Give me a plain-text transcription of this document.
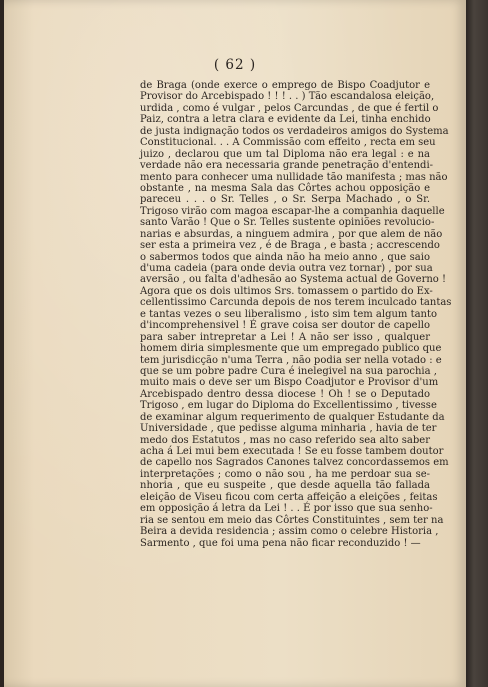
( 62 )
de Braga (onde exerce o emprego de Bispo Coadjutor e
Provisor do Arcebispado ! ! ! . . ) Tão escandalosa eleição,
urdida , como é vulgar , pelos Carcundas , de que é fertil o
Paiz, contra a letra clara e evidente da Lei, tinha enchido
de justa indignação todos os verdadeiros amigos do Systema
Constitucional. . . A Commissão com effeito , recta em seu
juizo , declarou que um tal Diploma não era legal : e na
verdade não era necessaria grande penetração d'entendi-
mento para conhecer uma nullidade tão manifesta ; mas não
obstante , na mesma Sala das Côrtes achou opposição e
pareceu . . . o Sr. Telles , o Sr. Serpa Machado , o Sr.
Trigoso virão com magoa escapar-lhe a companhia daquelle
santo Varão ! Que o Sr. Telles sustente opiniões revolucio-
narias e absurdas, a ninguem admira , por que alem de não
ser esta a primeira vez , é de Braga , e basta ; accrescendo
o sabermos todos que ainda não ha meio anno , que saio
d'uma cadeia (para onde devia outra vez tornar) , por sua
aversão , ou falta d'adhesão ao Systema actual de Governo !
Agora que os dois ultimos Srs. tomassem o partido do Ex-
cellentissimo Carcunda depois de nos terem inculcado tantas
e tantas vezes o seu liberalismo , isto sim tem algum tanto
d'incomprehensivel ! É grave coisa ser doutor de capello
para saber intrepretar a Lei ! A não ser isso , qualquer
homem diria simplesmente que um empregado publico que
tem jurisdicção n'uma Terra , não podia ser nella votado : e
que se um pobre padre Cura é inelegivel na sua parochia ,
muito mais o deve ser um Bispo Coadjutor e Provisor d'um
Arcebispado dentro dessa diocese ! Oh ! se o Deputado
Trigoso , em lugar do Diploma do Excellentissimo , tivesse
de examinar algum requerimento de qualquer Estudante da
Universidade , que pedisse alguma minharia , havia de ter
medo dos Estatutos , mas no caso referido sea alto saber
acha á Lei mui bem executada ! Se eu fosse tambem doutor
de capello nos Sagrados Canones talvez concordassemos em
interpretações ; como o não sou , ha me perdoar sua se-
nhoria , que eu suspeite , que desde aquella tão fallada
eleição de Viseu ficou com certa affeição a eleições , feitas
em opposição á letra da Lei ! . . É por isso que sua senho-
ria se sentou em meio das Côrtes Constituintes , sem ter na
Beira a devida residencia ; assim como o celebre Historia ,
Sarmento , que foi uma pena não ficar reconduzido ! —
